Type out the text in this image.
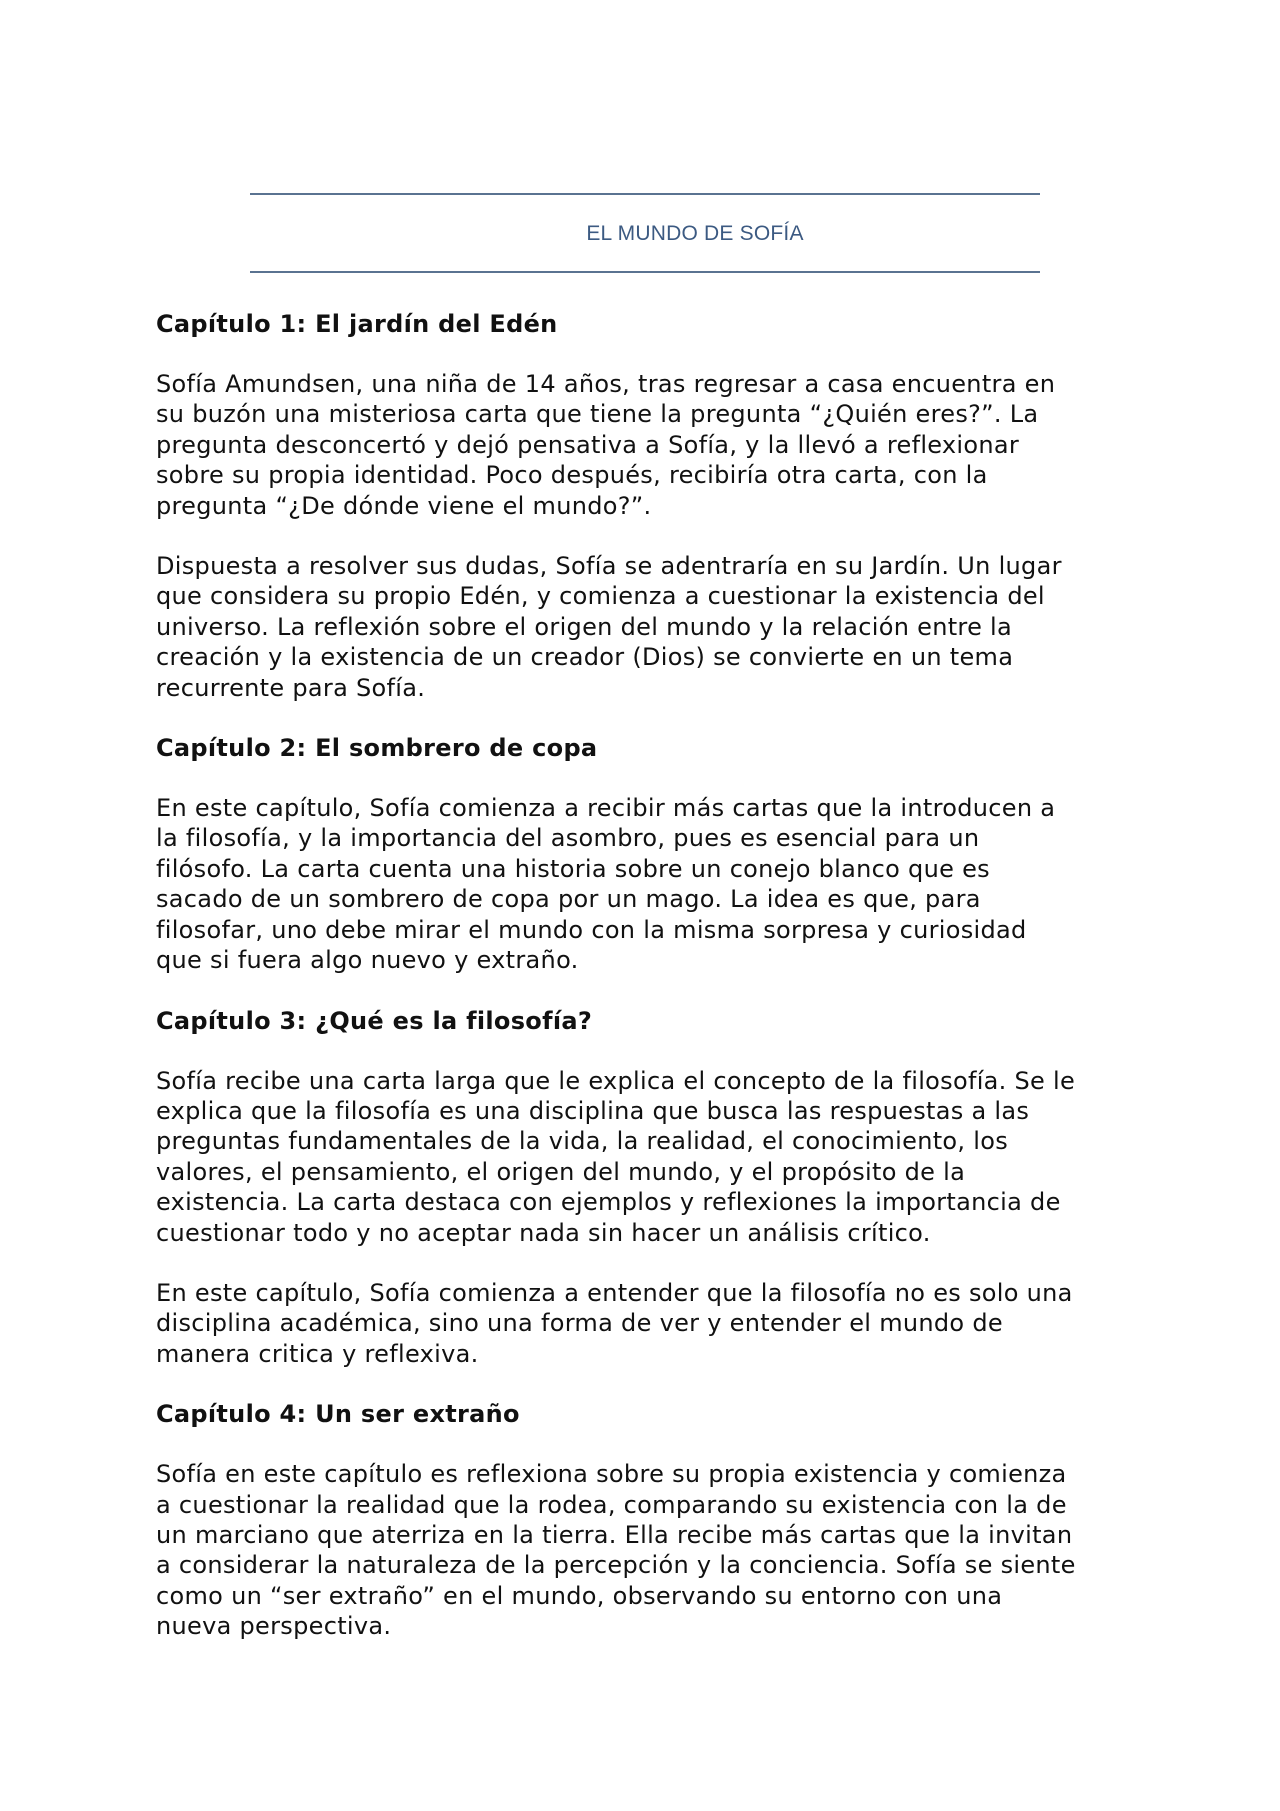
EL MUNDO DE SOFÍA

Capítulo 1: El jardín del Edén

Sofía Amundsen, una niña de 14 años, tras regresar a casa encuentra en
su buzón una misteriosa carta que tiene la pregunta “¿Quién eres?”. La
pregunta desconcertó y dejó pensativa a Sofía, y la llevó a reflexionar
sobre su propia identidad. Poco después, recibiría otra carta, con la
pregunta “¿De dónde viene el mundo?”.

Dispuesta a resolver sus dudas, Sofía se adentraría en su Jardín. Un lugar
que considera su propio Edén, y comienza a cuestionar la existencia del
universo. La reflexión sobre el origen del mundo y la relación entre la
creación y la existencia de un creador (Dios) se convierte en un tema
recurrente para Sofía.

Capítulo 2: El sombrero de copa

En este capítulo, Sofía comienza a recibir más cartas que la introducen a
la filosofía, y la importancia del asombro, pues es esencial para un
filósofo. La carta cuenta una historia sobre un conejo blanco que es
sacado de un sombrero de copa por un mago. La idea es que, para
filosofar, uno debe mirar el mundo con la misma sorpresa y curiosidad
que si fuera algo nuevo y extraño.

Capítulo 3: ¿Qué es la filosofía?

Sofía recibe una carta larga que le explica el concepto de la filosofía. Se le
explica que la filosofía es una disciplina que busca las respuestas a las
preguntas fundamentales de la vida, la realidad, el conocimiento, los
valores, el pensamiento, el origen del mundo, y el propósito de la
existencia. La carta destaca con ejemplos y reflexiones la importancia de
cuestionar todo y no aceptar nada sin hacer un análisis crítico.

En este capítulo, Sofía comienza a entender que la filosofía no es solo una
disciplina académica, sino una forma de ver y entender el mundo de
manera critica y reflexiva.

Capítulo 4: Un ser extraño

Sofía en este capítulo es reflexiona sobre su propia existencia y comienza
a cuestionar la realidad que la rodea, comparando su existencia con la de
un marciano que aterriza en la tierra. Ella recibe más cartas que la invitan
a considerar la naturaleza de la percepción y la conciencia. Sofía se siente
como un “ser extraño” en el mundo, observando su entorno con una
nueva perspectiva.
